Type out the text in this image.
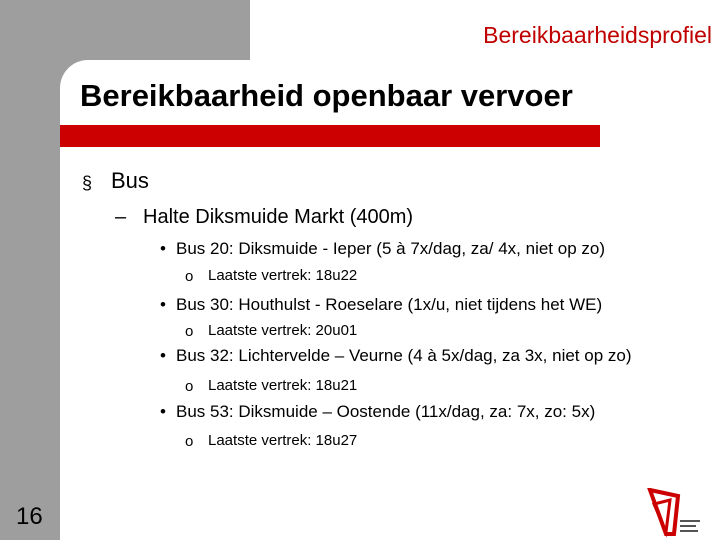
Bereikbaarheidsprofiel
Bereikbaarheid openbaar vervoer
§ Bus
– Halte Diksmuide Markt (400m)
• Bus 20: Diksmuide - Ieper (5 à 7x/dag, za/ 4x, niet op zo)
o Laatste vertrek: 18u22
• Bus 30: Houthulst - Roeselare (1x/u, niet tijdens het WE)
o Laatste vertrek: 20u01
• Bus 32: Lichtervelde – Veurne (4 à 5x/dag, za 3x, niet op zo)
o Laatste vertrek: 18u21
• Bus 53: Diksmuide – Oostende (11x/dag, za: 7x, zo: 5x)
o Laatste vertrek: 18u27
16
